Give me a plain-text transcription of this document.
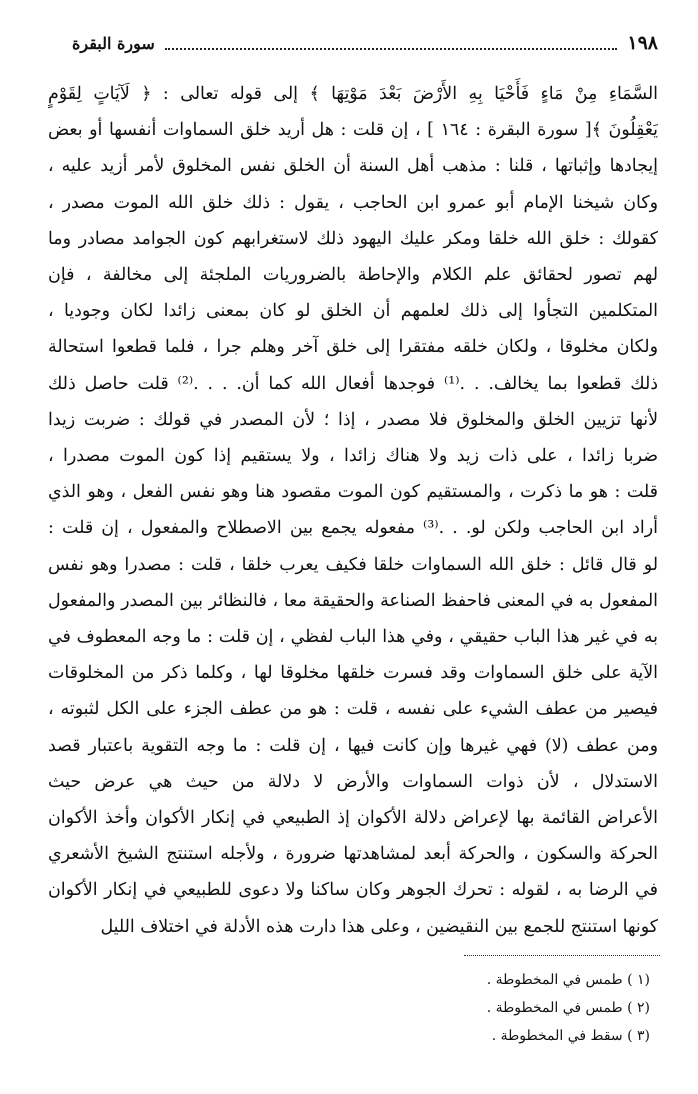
١٩٨
سورة البقرة
السَّمَاءِ مِنْ مَاءٍ فَأَحْيَا بِهِ الأَرْضَ بَعْدَ مَوْتِهَا ﴾ إلى قوله تعالى : ﴿ لَآيَاتٍ لِقَوْمٍ
يَعْقِلُونَ ﴾[ سورة البقرة : ١٦٤ ] ، إن قلت : هل أريد خلق السماوات أنفسها أو بعض
إيجادها وإثباتها ، قلنا : مذهب أهل السنة أن الخلق نفس المخلوق لأمر أزيد عليه ،
وكان شيخنا الإمام أبو عمرو ابن الحاجب ، يقول : ذلك خلق الله الموت مصدر ،
كقولك : خلق الله خلقا ومكر عليك اليهود ذلك لاستغرابهم كون الجوامد مصادر وما
لهم تصور لحقائق علم الكلام والإحاطة بالضروريات الملجئة إلى مخالفة ، فإن
المتكلمين التجأوا إلى ذلك لعلمهم أن الخلق لو كان بمعنى زائدا لكان وجوديا ،
ولكان مخلوقا ، ولكان خلقه مفتقرا إلى خلق آخر وهلم جرا ، فلما قطعوا استحالة
ذلك قطعوا بما يخالف. . .⁽¹⁾ فوجدها أفعال الله كما أن. . . .⁽²⁾ قلت حاصل ذلك
لأنها تزيين الخلق والمخلوق فلا مصدر ، إذا ؛ لأن المصدر في قولك : ضربت زيدا
ضربا زائدا ، على ذات زيد ولا هناك زائدا ، ولا يستقيم إذا كون الموت مصدرا ،
قلت : هو ما ذكرت ، والمستقيم كون الموت مقصود هنا وهو نفس الفعل ، وهو الذي
أراد ابن الحاجب ولكن لو. . .⁽³⁾ مفعوله يجمع بين الاصطلاح والمفعول ، إن قلت :
لو قال قائل : خلق الله السماوات خلقا فكيف يعرب خلقا ، قلت : مصدرا وهو نفس
المفعول به في المعنى فاحفظ الصناعة والحقيقة معا ، فالنظائر بين المصدر والمفعول
به في غير هذا الباب حقيقي ، وفي هذا الباب لفظي ، إن قلت : ما وجه المعطوف في
الآية على خلق السماوات وقد فسرت خلقها مخلوقا لها ، وكلما ذكر من المخلوقات
فيصير من عطف الشيء على نفسه ، قلت : هو من عطف الجزء على الكل لثبوته ،
ومن عطف (لا) فهي غيرها وإن كانت فيها ، إن قلت : ما وجه التقوية باعتبار قصد
الاستدلال ، لأن ذوات السماوات والأرض لا دلالة من حيث هي عرض حيث
الأعراض القائمة بها لإعراض دلالة الأكوان إذ الطبيعي في إنكار الأكوان وأخذ الأكوان
الحركة والسكون ، والحركة أبعد لمشاهدتها ضرورة ، ولأجله استنتج الشيخ الأشعري
في الرضا به ، لقوله : تحرك الجوهر وكان ساكنا ولا دعوى للطبيعي في إنكار الأكوان
كونها استنتج للجمع بين النقيضين ، وعلى هذا دارت هذه الأدلة في اختلاف الليل
(١ ) طمس في المخطوطة .
(٢ ) طمس في المخطوطة .
(٣ ) سقط في المخطوطة .
